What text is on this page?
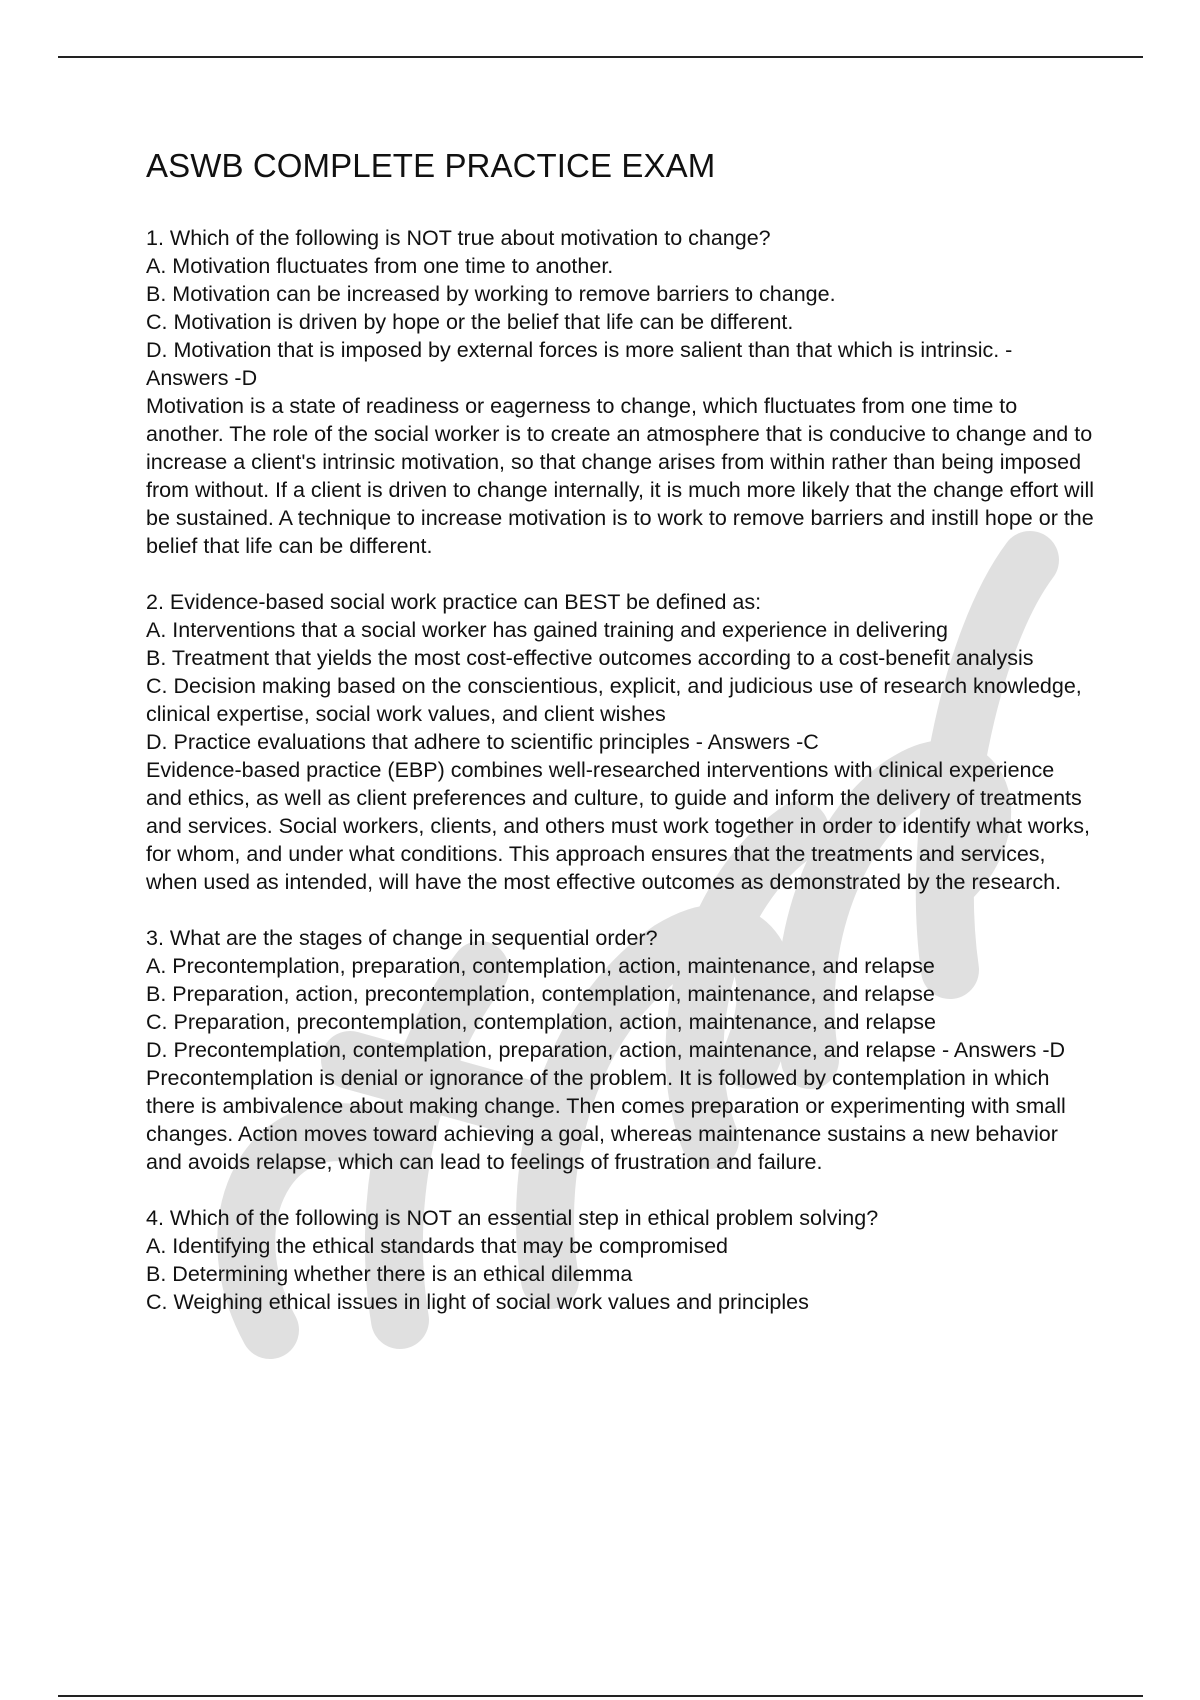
ASWB COMPLETE PRACTICE EXAM

1. Which of the following is NOT true about motivation to change?

A. Motivation fluctuates from one time to another.

B. Motivation can be increased by working to remove barriers to change.

C. Motivation is driven by hope or the belief that life can be different.

D. Motivation that is imposed by external forces is more salient than that which is intrinsic. - Answers -D

Motivation is a state of readiness or eagerness to change, which fluctuates from one time to another. The role of the social worker is to create an atmosphere that is conducive to change and to increase a client's intrinsic motivation, so that change arises from within rather than being imposed from without. If a client is driven to change internally, it is much more likely that the change effort will be sustained. A technique to increase motivation is to work to remove barriers and instill hope or the belief that life can be different.

2. Evidence-based social work practice can BEST be defined as:

A. Interventions that a social worker has gained training and experience in delivering

B. Treatment that yields the most cost-effective outcomes according to a cost-benefit analysis

C. Decision making based on the conscientious, explicit, and judicious use of research knowledge, clinical expertise, social work values, and client wishes

D. Practice evaluations that adhere to scientific principles - Answers -C

Evidence-based practice (EBP) combines well-researched interventions with clinical experience and ethics, as well as client preferences and culture, to guide and inform the delivery of treatments and services. Social workers, clients, and others must work together in order to identify what works, for whom, and under what conditions. This approach ensures that the treatments and services, when used as intended, will have the most effective outcomes as demonstrated by the research.

3. What are the stages of change in sequential order?

A. Precontemplation, preparation, contemplation, action, maintenance, and relapse

B. Preparation, action, precontemplation, contemplation, maintenance, and relapse

C. Preparation, precontemplation, contemplation, action, maintenance, and relapse

D. Precontemplation, contemplation, preparation, action, maintenance, and relapse - Answers -D

Precontemplation is denial or ignorance of the problem. It is followed by contemplation in which there is ambivalence about making change. Then comes preparation or experimenting with small changes. Action moves toward achieving a goal, whereas maintenance sustains a new behavior and avoids relapse, which can lead to feelings of frustration and failure.

4. Which of the following is NOT an essential step in ethical problem solving?

A. Identifying the ethical standards that may be compromised

B. Determining whether there is an ethical dilemma

C. Weighing ethical issues in light of social work values and principles
